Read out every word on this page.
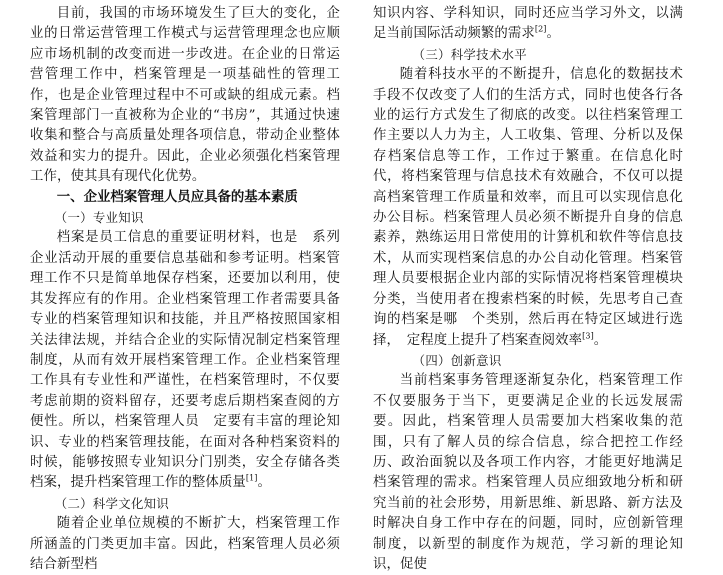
目前，我国的市场环境发生了巨大的变化，企业的日常运营管理工作模式与运营管理理念也应顺应市场机制的改变而进一步改进。在企业的日常运营管理工作中，档案管理是一项基础性的管理工作，也是企业管理过程中不可或缺的组成元素。档案管理部门一直被称为企业的“书房”，其通过快速收集和整合与高质量处理各项信息，带动企业整体效益和实力的提升。因此，企业必须强化档案管理工作，使其具有现代化优势。

一、企业档案管理人员应具备的基本素质

（一）专业知识

档案是员工信息的重要证明材料，也是　系列企业活动开展的重要信息基础和参考证明。档案管理工作不只是简单地保存档案，还要加以利用，使其发挥应有的作用。企业档案管理工作者需要具备专业的档案管理知识和技能，并且严格按照国家相关法律法规，并结合企业的实际情况制定档案管理制度，从而有效开展档案管理工作。企业档案管理工作具有专业性和严谨性，在档案管理时，不仅要考虑前期的资料留存，还要考虑后期档案查阅的方便性。所以，档案管理人员　定要有丰富的理论知识、专业的档案管理技能，在面对各种档案资料的时候，能够按照专业知识分门别类，安全存储各类档案，提升档案管理工作的整体质量[1]。

（二）科学文化知识

随着企业单位规模的不断扩大，档案管理工作所涵盖的门类更加丰富。因此，档案管理人员必须结合新型档

知识内容、学科知识，同时还应当学习外文，以满足当前国际活动频繁的需求[2]。

（三）科学技术水平

随着科技水平的不断提升，信息化的数据技术手段不仅改变了人们的生活方式，同时也使各行各业的运行方式发生了彻底的改变。以往档案管理工作主要以人力为主，人工收集、管理、分析以及保存档案信息等工作，工作过于繁重。在信息化时代，将档案管理与信息技术有效融合，不仅可以提高档案管理工作质量和效率，而且可以实现信息化办公目标。档案管理人员必须不断提升自身的信息素养，熟练运用日常使用的计算机和软件等信息技术，从而实现档案信息的办公自动化管理。档案管理人员要根据企业内部的实际情况将档案管理模块分类，当使用者在搜索档案的时候，先思考自己查询的档案是哪　个类别，然后再在特定区域进行选择，　定程度上提升了档案查阅效率[3]。

（四）创新意识

当前档案事务管理逐渐复杂化，档案管理工作不仅要服务于当下，更要满足企业的长远发展需要。因此，档案管理人员需要加大档案收集的范围，只有了解人员的综合信息，综合把控工作经历、政治面貌以及各项工作内容，才能更好地满足档案管理的需求。档案管理人员应细致地分析和研究当前的社会形势，用新思维、新思路、新方法及时解决自身工作中存在的问题，同时，应创新管理制度，以新型的制度作为规范，学习新的理论知识，促使
